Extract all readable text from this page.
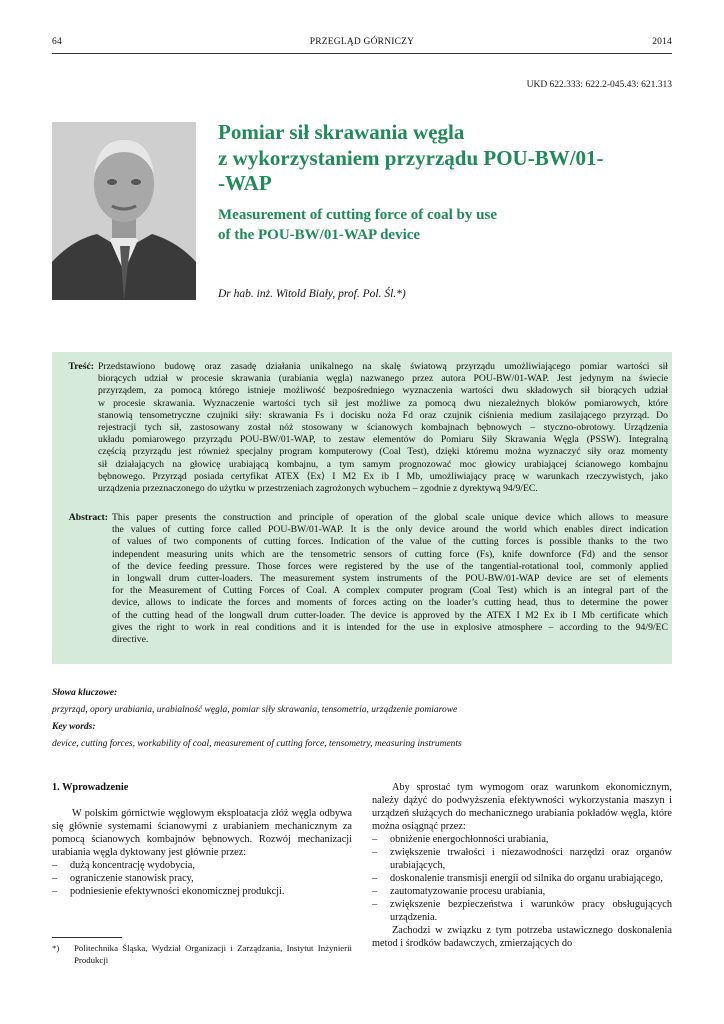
64	PRZEGLĄD GÓRNICZY	2014
UKD 622.333: 622.2-045.43: 621.313
Pomiar sił skrawania węgla
z wykorzystaniem przyrządu POU-BW/01-
-WAP
Measurement of cutting force of coal by use
of the POU-BW/01-WAP device
Dr hab. inż. Witold Biały, prof. Pol. Śl.*)
Treść: Przedstawiono budowę oraz zasadę działania unikalnego na skalę światową przyrządu umożliwiającego pomiar wartości sił
biorących udział w procesie skrawania (urabiania węgla) nazwanego przez autora POU-BW/01-WAP. Jest jedynym na świecie
przyrządem, za pomocą którego istnieje możliwość bezpośredniego wyznaczenia wartości dwu składowych sił biorących udział
w procesie skrawania. Wyznaczenie wartości tych sił jest możliwe za pomocą dwu niezależnych bloków pomiarowych, które
stanowią tensometryczne czujniki siły: skrawania Fs i docisku noża Fd oraz czujnik ciśnienia medium zasilającego przyrząd. Do
rejestracji tych sił, zastosowany został nóż stosowany w ścianowych kombajnach bębnowych – styczno-obrotowy. Urządzenia
układu pomiarowego przyrządu POU-BW/01-WAP, to zestaw elementów do Pomiaru Siły Skrawania Węgla (PSSW). Integralną
częścią przyrządu jest również specjalny program komputerowy (Coal Test), dzięki któremu można wyznaczyć siły oraz momenty
sił działających na głowicę urabiającą kombajnu, a tym samym prognozować moc głowicy urabiającej ścianowego kombajnu
bębnowego. Przyrząd posiada certyfikat ATEX ⟨Ex⟩ I M2 Ex ib I Mb, umożliwiający pracę w warunkach rzeczywistych, jako
urządzenia przeznaczonego do użytku w przestrzeniach zagrożonych wybuchem – zgodnie z dyrektywą 94/9/EC.
Abstract: This paper presents the construction and principle of operation of the global scale unique device which allows to measure
the values of cutting force called POU-BW/01-WAP. It is the only device around the world which enables direct indication
of values of two components of cutting forces. Indication of the value of the cutting forces is possible thanks to the two
independent measuring units which are the tensometric sensors of cutting force (Fs), knife downforce (Fd) and the sensor
of the device feeding pressure. Those forces were registered by the use of the tangential-rotational tool, commonly applied
in longwall drum cutter-loaders. The measurement system instruments of the POU-BW/01-WAP device are set of elements
for the Measurement of Cutting Forces of Coal. A complex computer program (Coal Test) which is an integral part of the
device, allows to indicate the forces and moments of forces acting on the loader’s cutting head, thus to determine the power
of the cutting head of the longwall drum cutter-loader. The device is approved by the ATEX I M2 Ex ib I Mb certificate which
gives the right to work in real conditions and it is intended for the use in explosive atmosphere – according to the 94/9/EC
directive.
Słowa kluczowe:
przyrząd, opory urabiania, urabialność węgla, pomiar siły skrawania, tensometria, urządzenie pomiarowe
Key words:
device, cutting forces, workability of coal, measurement of cutting force, tensometry, measuring instruments
1. Wprowadzenie
W polskim górnictwie węglowym eksploatacja złóż węgla odbywa się głównie systemami ścianowymi z urabianiem mechanicznym za pomocą ścianowych kombajnów bębnowych. Rozwój mechanizacji urabiania węgla dyktowany jest głównie przez:
–	dużą koncentrację wydobycia,
–	ograniczenie stanowisk pracy,
–	podniesienie efektywności ekonomicznej produkcji.
Aby sprostać tym wymogom oraz warunkom ekonomicznym, należy dążyć do podwyższenia efektywności wykorzystania maszyn i urządzeń służących do mechanicznego urabiania pokładów węgla, które można osiągnąć przez:
–	obniżenie energochłonności urabiania,
–	zwiększenie trwałości i niezawodności narzędzi oraz organów urabiających,
–	doskonalenie transmisji energii od silnika do organu urabiającego,
–	zautomatyzowanie procesu urabiania,
–	zwiększenie bezpieczeństwa i warunków pracy obsługujących urządzenia.
Zachodzi w związku z tym potrzeba ustawicznego doskonalenia metod i środków badawczych, zmierzających do
*)	Politechnika Śląska, Wydział Organizacji i Zarządzania, Instytut Inżynierii Produkcji
